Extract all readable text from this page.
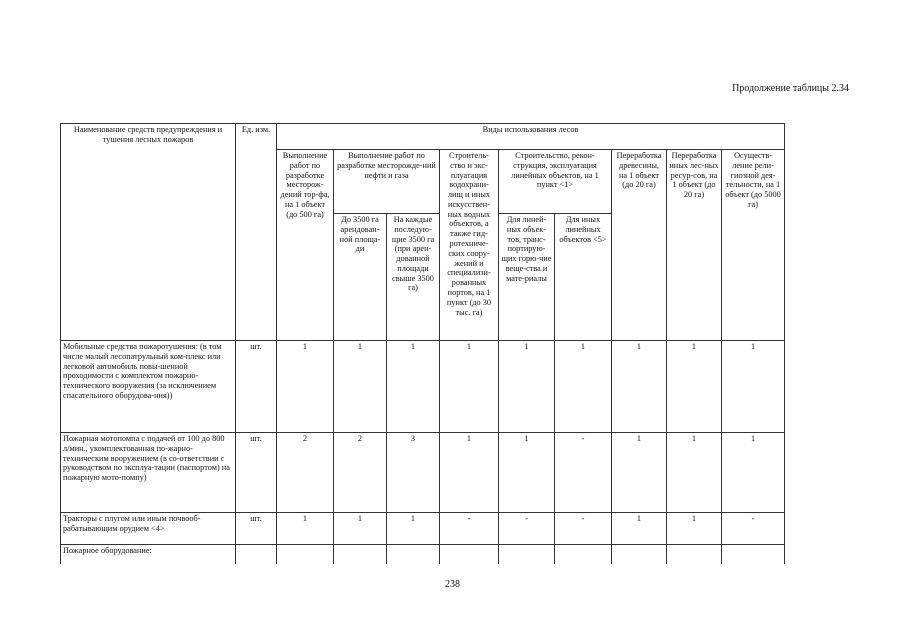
Продолжение таблицы 2.34
Наименование средств предупреждения и тушения лесных пожаров	Ед. изм.	Виды использования лесов								
		Выполнение работ по разработке месторож-дений тор-фа, на 1 объект (до 500 га)	Выполнение работ по разработке месторожде-ний нефти и газа		Строитель-ство и экс-плуатация водохрани-лищ и иных искусствен-ных водных объектов, а также гид-ротехниче-ских соору-жений и специализи-рованных портов, на 1 пункт (до 30 тыс. га)	Строительство, рекон-струкция, эксплуатация линейных объектов, на 1 пункт <1>		Переработка древесины, на 1 объект (до 20 га)	Переработка иных лес-ных ресур-сов, на 1 объект (до 20 га)	Осуществ-ление рели-гиозной дея-тельности, на 1 объект (до 5000 га)
			До 3500 га арендован-ной площа-ди	На каждые последую-щие 3500 га (при арен-дованной площади свыше 3500 га)		Для линей-ных объек-тов, транс-портирую-щих горю-чие веще-ства и мате-риалы	Для иных линейных объектов <5>			
Мобильные средства пожаротушения: (в том числе малый лесопатрульный ком-плекс или легковой автомобиль повы-шенной проходимости с комплектом пожарно-технического вооружения (за исключением спасательного оборудова-ния))	шт.	1	1	1	1	1	1	1	1	1
Пожарная мотопомпа с подачей от 100 до 800 л/мин., укомплектованная по-жарно-техническим вооружением (в со-ответствии с руководством по эксплуа-тации (паспортом) на пожарную мото-помпу)	шт.	2	2	3	1	1	-	1	1	1
Тракторы с плугом или иным почвооб-рабатывающим орудием <4>	шт.	1	1	1	-	-	-	1	1	-
Пожарное оборудование:										
238
